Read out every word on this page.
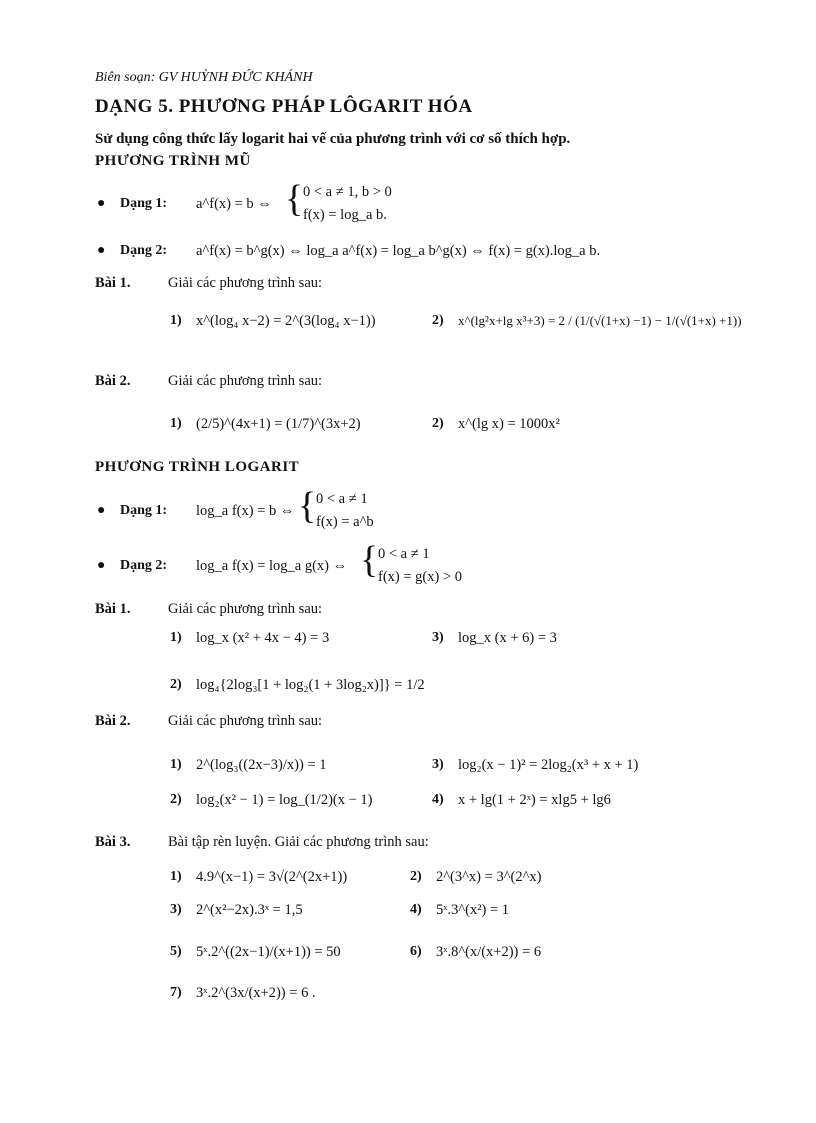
Biên soạn: GV HUỲNH ĐỨC KHÁNH
DẠNG 5. PHƯƠNG PHÁP LÔGARIT HÓA
Sử dụng công thức lấy logarit hai vế của phương trình với cơ số thích hợp.
PHƯƠNG TRÌNH MŨ
● Dạng 1: a^f(x) = b ⇔ { 0 < a ≠ 1, b > 0
f(x) = log_a b.
● Dạng 2: a^f(x) = b^g(x) ⇔ log_a a^f(x) = log_a b^g(x) ⇔ f(x) = g(x).log_a b.
Bài 1.	Giải các phương trình sau:
1) x^(log₄ x−2) = 2^(3(log₄ x−1))	2) x^(lg²x+lg x³+3) = 2 / (1/(√(1+x) −1) − 1/(√(1+x) +1))
Bài 2.	Giải các phương trình sau:
1) (2/5)^(4x+1) = (1/7)^(3x+2)	2) x^(lg x) = 1000x²
PHƯƠNG TRÌNH LOGARIT
● Dạng 1: log_a f(x) = b ⇔ { 0 < a ≠ 1
f(x) = a^b
● Dạng 2: log_a f(x) = log_a g(x) ⇔ { 0 < a ≠ 1
f(x) = g(x) > 0
Bài 1.	Giải các phương trình sau:
1) log_x (x² + 4x − 4) = 3	3) log_x (x + 6) = 3
2) log₄{2log₃[1 + log₂(1 + 3log₂x)]} = 1/2
Bài 2.	Giải các phương trình sau:
1) 2^(log₃((2x−3)/x)) = 1	3) log₂(x − 1)² = 2log₂(x³ + x + 1)
2) log₂(x² − 1) = log_(1/2)(x − 1)	4) x + lg(1 + 2ˣ) = xlg5 + lg6
Bài 3.	Bài tập rèn luyện. Giải các phương trình sau:
1) 4.9^(x−1) = 3√(2^(2x+1))	2) 2^(3^x) = 3^(2^x)
3) 2^(x²−2x).3ˣ = 1,5	4) 5ˣ.3^(x²) = 1
5) 5ˣ.2^((2x−1)/(x+1)) = 50	6) 3ˣ.8^(x/(x+2)) = 6
7) 3ˣ.2^(3x/(x+2)) = 6 .
